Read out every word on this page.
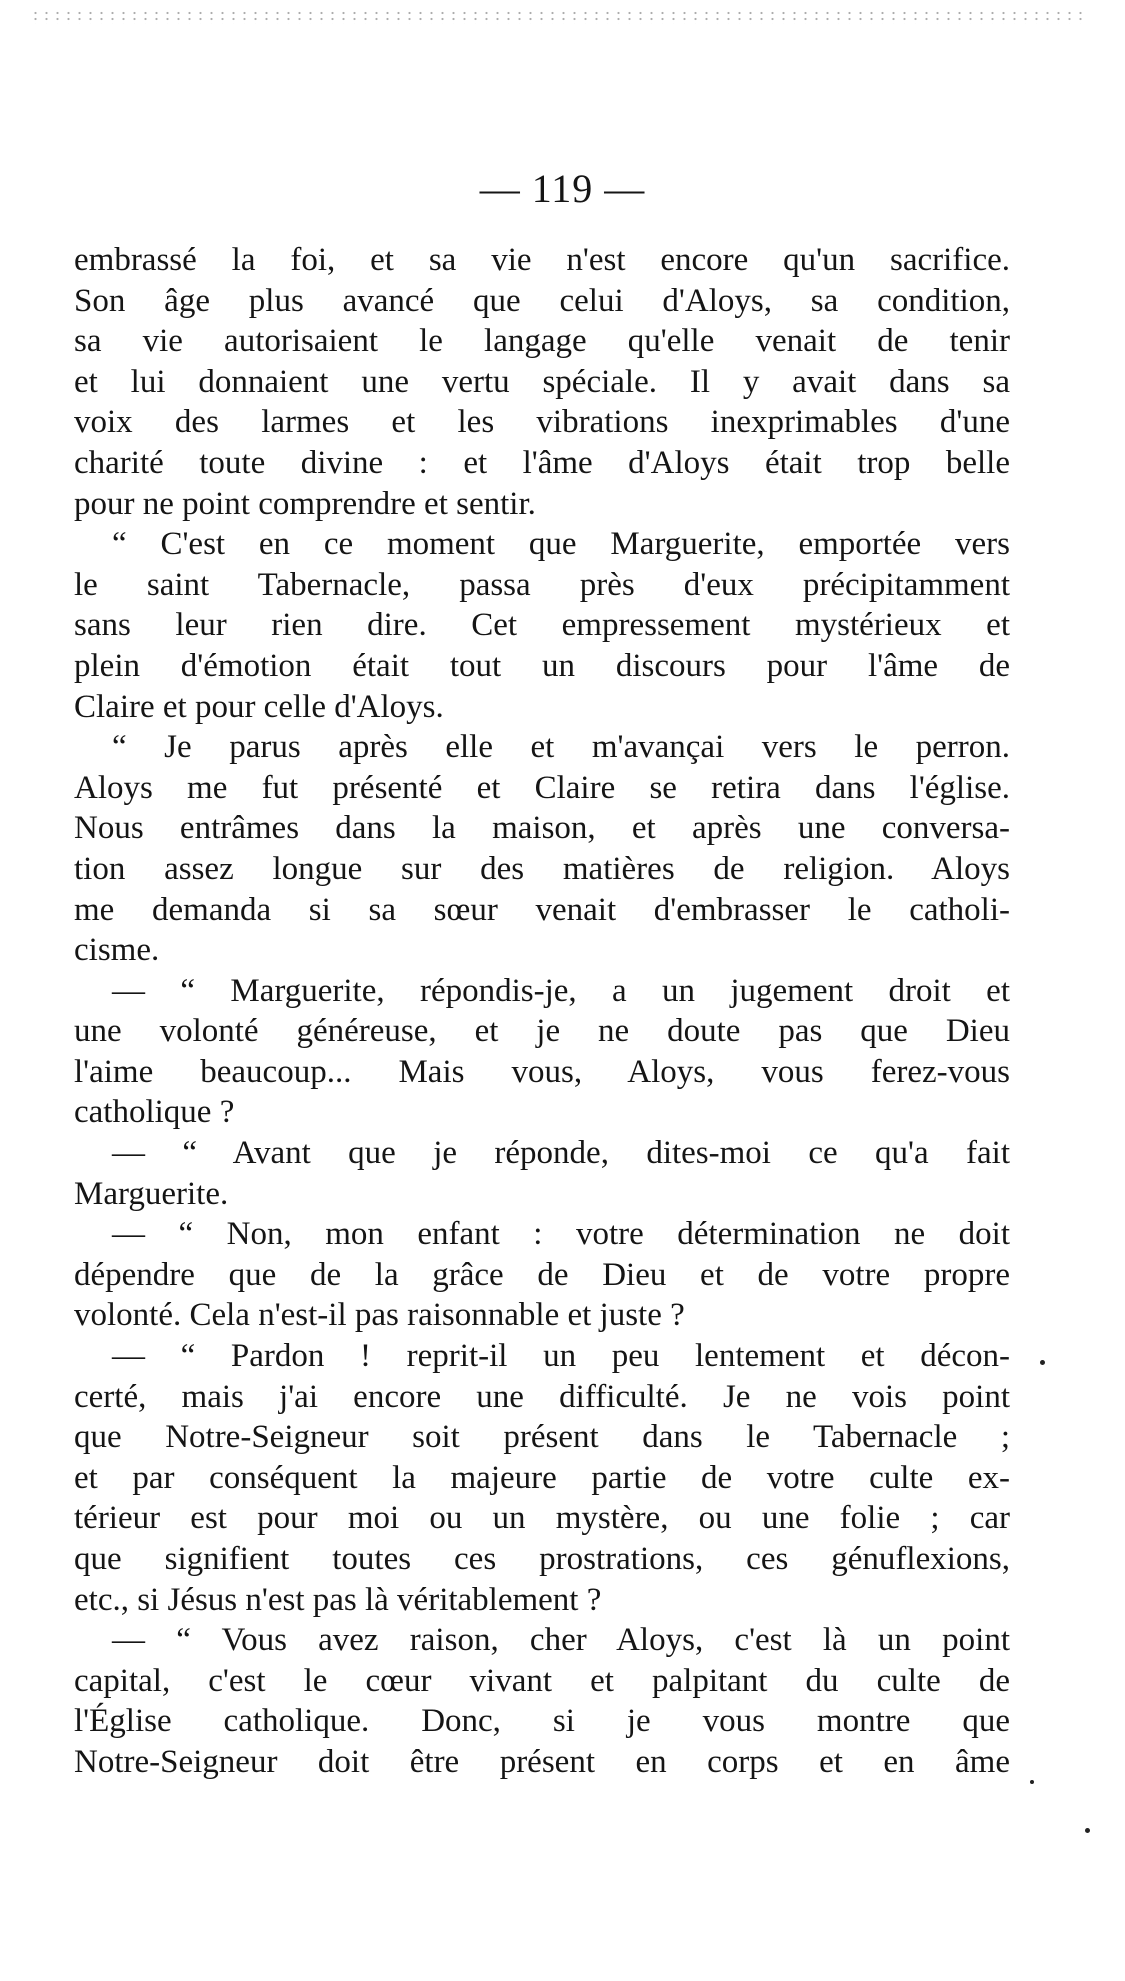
— 119 —
embrassé la foi, et sa vie n'est encore qu'un sacrifice.
Son âge plus avancé que celui d'Aloys, sa condition,
sa vie autorisaient le langage qu'elle venait de tenir
et lui donnaient une vertu spéciale. Il y avait dans sa
voix des larmes et les vibrations inexprimables d'une
charité toute divine : et l'âme d'Aloys était trop belle
pour ne point comprendre et sentir.
“ C'est en ce moment que Marguerite, emportée vers
le saint Tabernacle, passa près d'eux précipitamment
sans leur rien dire. Cet empressement mystérieux et
plein d'émotion était tout un discours pour l'âme de
Claire et pour celle d'Aloys.
“ Je parus après elle et m'avançai vers le perron.
Aloys me fut présenté et Claire se retira dans l'église.
Nous entrâmes dans la maison, et après une conversa-
tion assez longue sur des matières de religion. Aloys
me demanda si sa sœur venait d'embrasser le catholi-
cisme.
— “ Marguerite, répondis-je, a un jugement droit et
une volonté généreuse, et je ne doute pas que Dieu
l'aime beaucoup... Mais vous, Aloys, vous ferez-vous
catholique ?
— “ Avant que je réponde, dites-moi ce qu'a fait
Marguerite.
— “ Non, mon enfant : votre détermination ne doit
dépendre que de la grâce de Dieu et de votre propre
volonté. Cela n'est-il pas raisonnable et juste ?
— “ Pardon ! reprit-il un peu lentement et décon-
certé, mais j'ai encore une difficulté. Je ne vois point
que Notre-Seigneur soit présent dans le Tabernacle ;
et par conséquent la majeure partie de votre culte ex-
térieur est pour moi ou un mystère, ou une folie ; car
que signifient toutes ces prostrations, ces génuflexions,
etc., si Jésus n'est pas là véritablement ?
— “ Vous avez raison, cher Aloys, c'est là un point
capital, c'est le cœur vivant et palpitant du culte de
l'Église catholique. Donc, si je vous montre que
Notre-Seigneur doit être présent en corps et en âme
